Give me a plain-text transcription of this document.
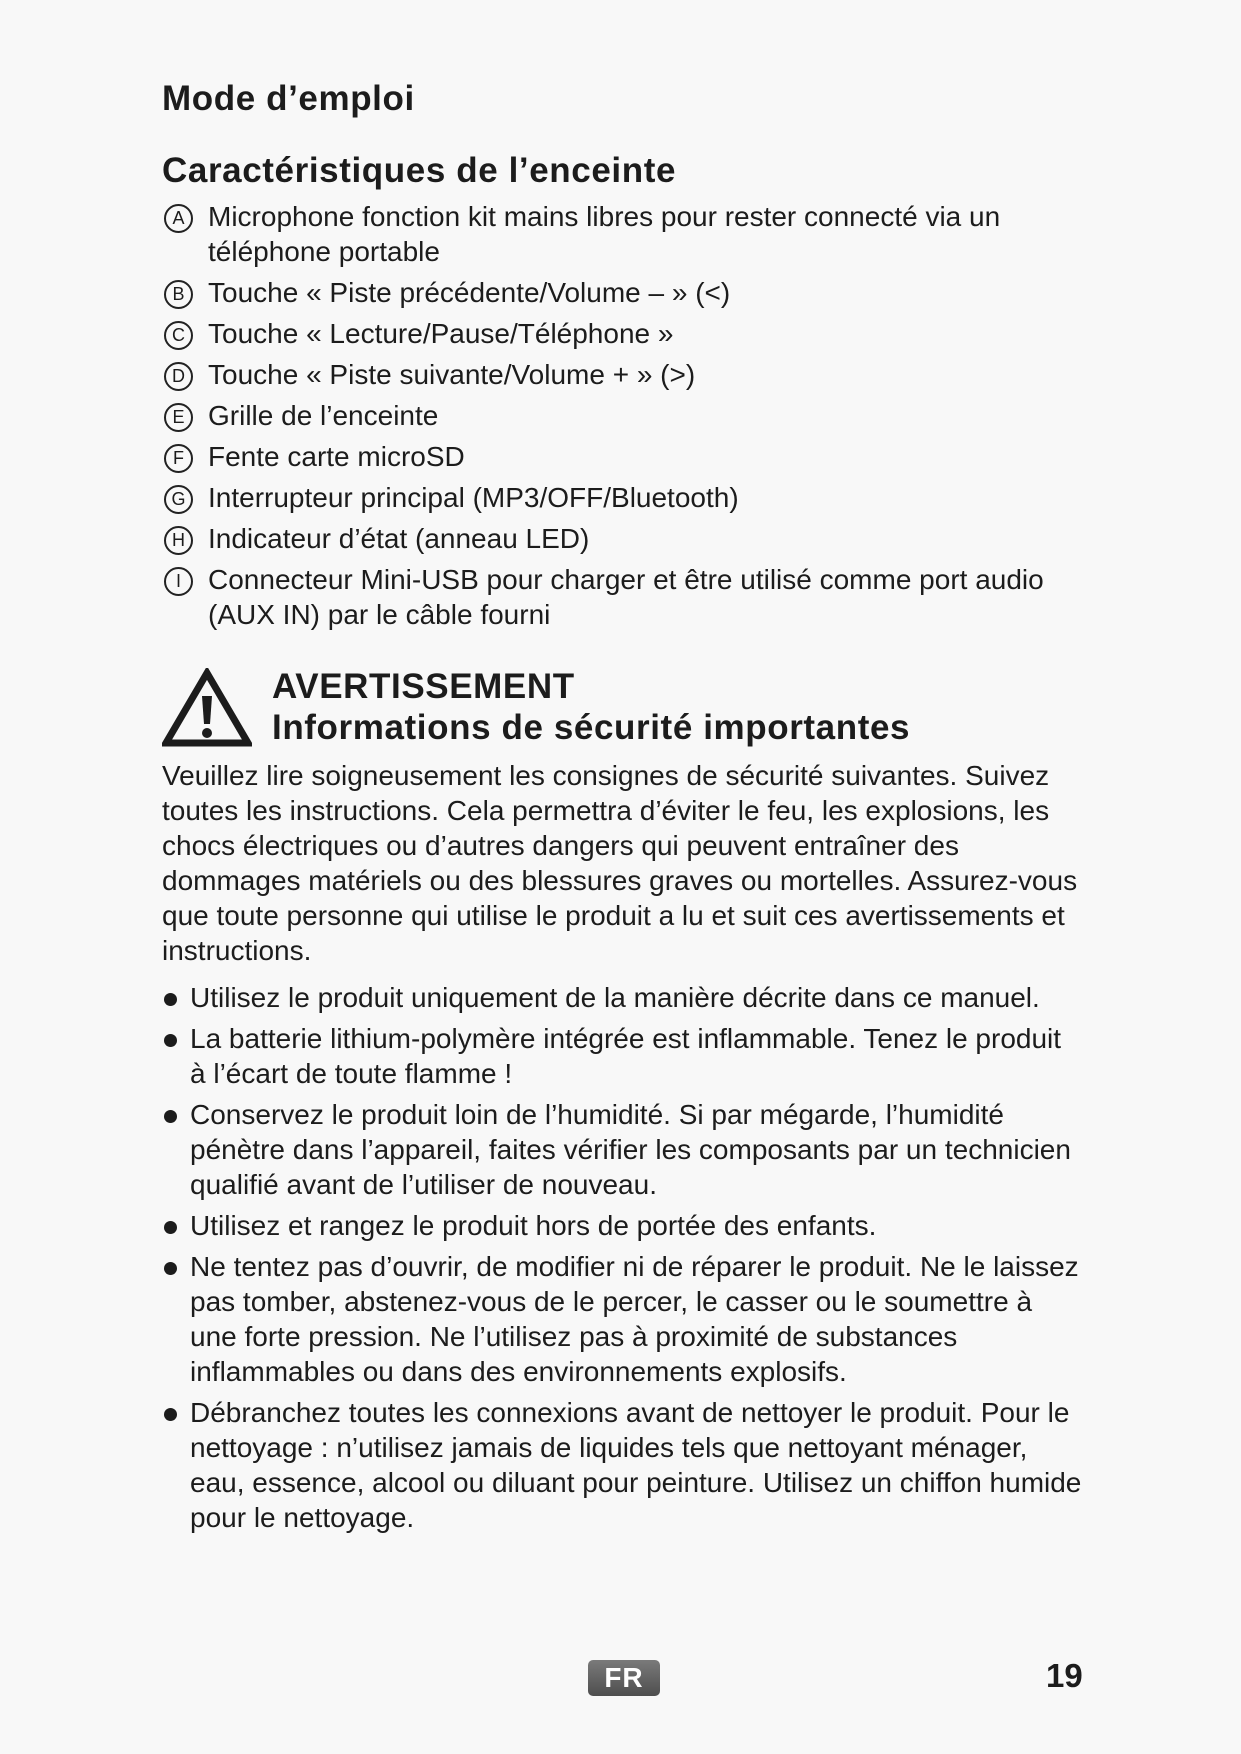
Mode d’emploi
Caractéristiques de l’enceinte
A Microphone fonction kit mains libres pour rester connecté via un téléphone portable
B Touche « Piste précédente/Volume – » (<)
C Touche « Lecture/Pause/Téléphone »
D Touche « Piste suivante/Volume + » (>)
E Grille de l’enceinte
F Fente carte microSD
G Interrupteur principal (MP3/OFF/Bluetooth)
H Indicateur d’état (anneau LED)
I Connecteur Mini-USB pour charger et être utilisé comme port audio (AUX IN) par le câble fourni
AVERTISSEMENT
Informations de sécurité importantes

Veuillez lire soigneusement les consignes de sécurité suivantes. Suivez toutes les instructions. Cela permettra d’éviter le feu, les explosions, les chocs électriques ou d’autres dangers qui peuvent entraîner des dommages matériels ou des blessures graves ou mortelles. Assurez-vous que toute personne qui utilise le produit a lu et suit ces avertissements et instructions.

Utilisez le produit uniquement de la manière décrite dans ce manuel.
La batterie lithium-polymère intégrée est inflammable. Tenez le produit à l’écart de toute flamme !
Conservez le produit loin de l’humidité. Si par mégarde, l’humidité pénètre dans l’appareil, faites vérifier les composants par un technicien qualifié avant de l’utiliser de nouveau.
Utilisez et rangez le produit hors de portée des enfants.
Ne tentez pas d’ouvrir, de modifier ni de réparer le produit. Ne le laissez pas tomber, abstenez-vous de le percer, le casser ou le soumettre à une forte pression. Ne l’utilisez pas à proximité de substances inflammables ou dans des environnements explosifs.
Débranchez toutes les connexions avant de nettoyer le produit. Pour le nettoyage : n’utilisez jamais de liquides tels que nettoyant ménager, eau, essence, alcool ou diluant pour peinture. Utilisez un chiffon humide pour le nettoyage.
FR	19
